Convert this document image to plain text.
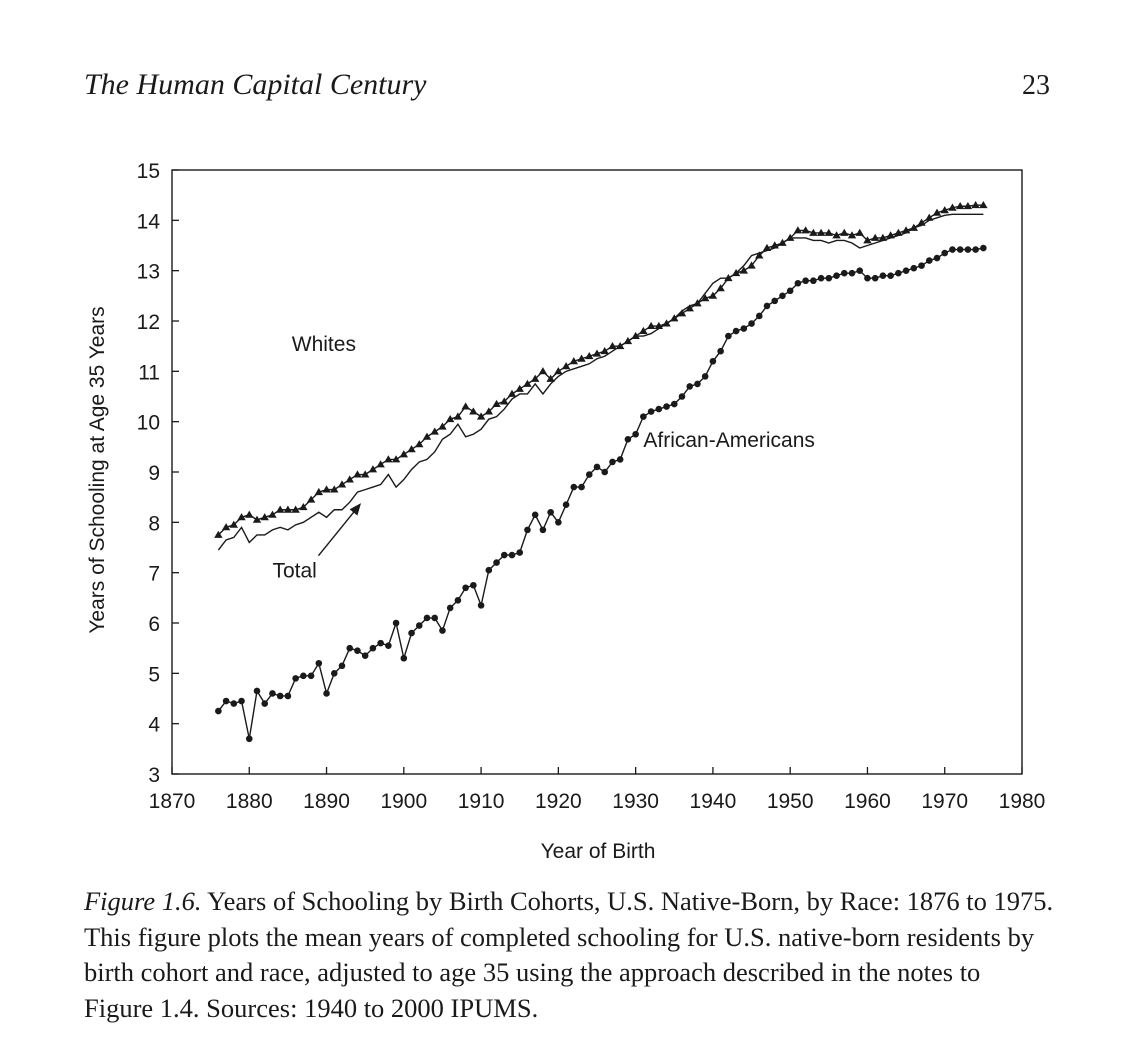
The Human Capital Century	23
1870 1880 1890 1900 1910 1920 1930 1940 1950 1960 1970 1980
3
4
5
6
7
8
9
10
11
12
13
14
15
Year of Birth
Years of Schooling at Age 35 Years	Whites
African-Americans
Total
Figure 1.6. Years of Schooling by Birth Cohorts, U.S. Native-Born, by Race: 1876 to 1975. This figure plots the mean years of completed schooling for U.S. native-born residents by birth cohort and race, adjusted to age 35 using the approach described in the notes to Figure 1.4. Sources: 1940 to 2000 IPUMS.
